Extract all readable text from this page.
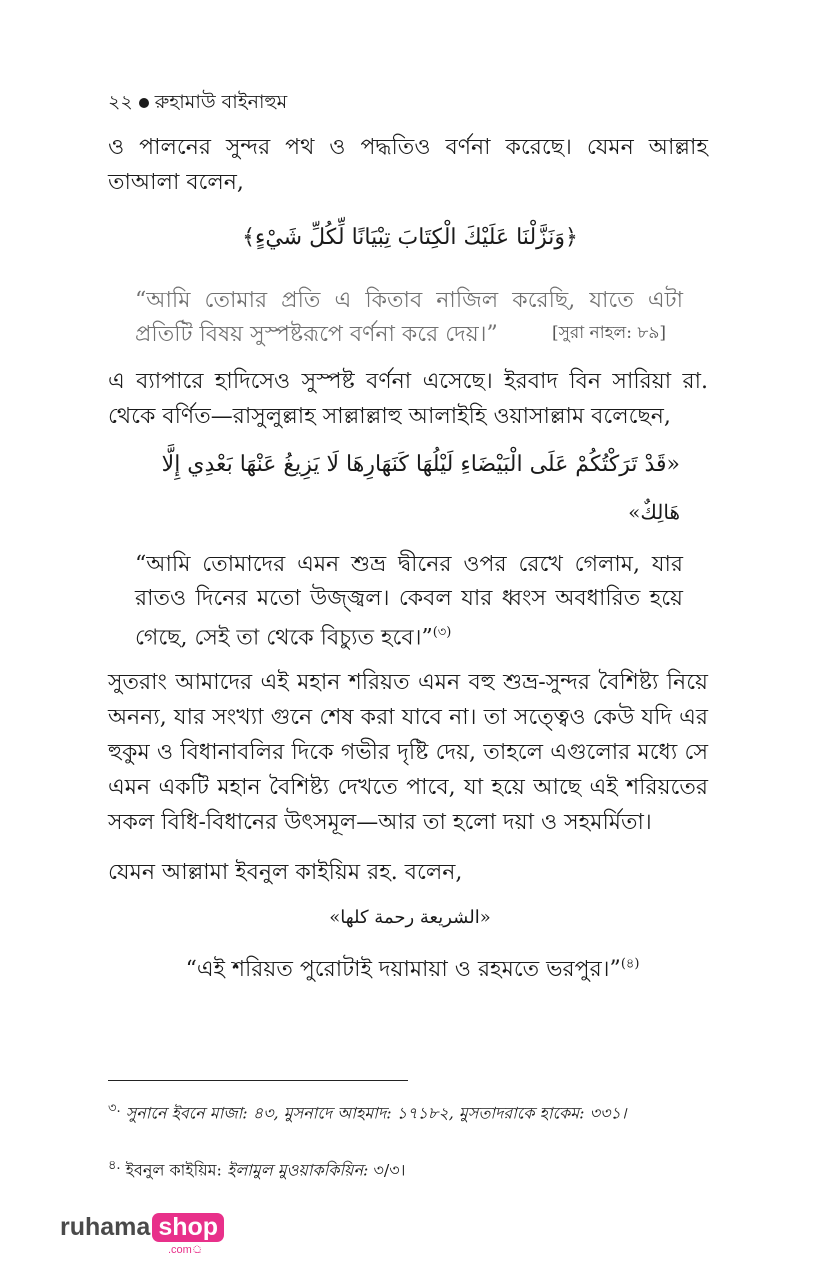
২২ রুহামাউ বাইনাহুম
ও পালনের সুন্দর পথ ও পদ্ধতিও বর্ণনা করেছে। যেমন আল্লাহ তাআলা বলেন,
﴿وَنَزَّلْنَا عَلَيْكَ الْكِتَابَ تِبْيَانًا لِّكُلِّ شَيْءٍ﴾
“আমি তোমার প্রতি এ কিতাব নাজিল করেছি, যাতে এটা প্রতিটি বিষয় সুস্পষ্টরূপে বর্ণনা করে দেয়।”	[সুরা নাহল: ৮৯]
এ ব্যাপারে হাদিসেও সুস্পষ্ট বর্ণনা এসেছে। ইরবাদ বিন সারিয়া রা. থেকে বর্ণিত—রাসুলুল্লাহ সাল্লাল্লাহু আলাইহি ওয়াসাল্লাম বলেছেন,
«قَدْ تَرَكْتُكُمْ عَلَى الْبَيْضَاءِ لَيْلُهَا كَنَهَارِهَا لَا يَزِيغُ عَنْهَا بَعْدِي إِلَّا
هَالِكٌ»
“আমি তোমাদের এমন শুভ্র দ্বীনের ওপর রেখে গেলাম, যার রাতও দিনের মতো উজ্জ্বল। কেবল যার ধ্বংস অবধারিত হয়ে গেছে, সেই তা থেকে বিচ্যুত হবে।”$^{(৩)}$
সুতরাং আমাদের এই মহান শরিয়ত এমন বহু শুভ্র-সুন্দর বৈশিষ্ট্য নিয়ে অনন্য, যার সংখ্যা গুনে শেষ করা যাবে না। তা সত্ত্বেও কেউ যদি এর হুকুম ও বিধানাবলির দিকে গভীর দৃষ্টি দেয়, তাহলে এগুলোর মধ্যে সে এমন একটি মহান বৈশিষ্ট্য দেখতে পাবে, যা হয়ে আছে এই শরিয়তের সকল বিধি-বিধানের উৎসমূল—আর তা হলো দয়া ও সহমর্মিতা।
যেমন আল্লামা ইবনুল কাইয়িম রহ. বলেন,
«الشريعة رحمة كلها»
“এই শরিয়ত পুরোটাই দয়ামায়া ও রহমতে ভরপুর।”$^{(৪)}$
$^{৩.}$ সুনানে ইবনে মাজা: ৪৩, মুসনাদে আহমাদ: ১৭১৮২, মুসতাদরাকে হাকেম: ৩৩১।
$^{৪.}$ ইবনুল কাইয়িম: ইলামুল মুওয়াককিয়িন: ৩/৩।
ruhama shop
.com্র
